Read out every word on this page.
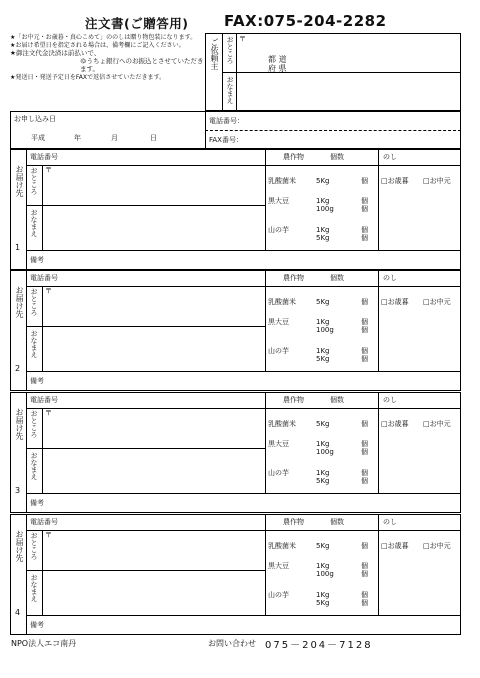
注文書(ご贈答用) FAX:075-204-2282
★「お中元・お歳暮・真心こめて」ののしは贈り物包装になります。
★お届け希望日を指定される場合は、備考欄にご記入ください。
★御注文代金決済は前払いで、
ゆうちょ銀行へのお振込とさせていただきます。
★発送日・発送予定日をFAXで返信させていただきます。
ご依頼主 おところ 〒
都 道
府 県
おなまえ
お申し込み日
平成	年	月	日
電話番号：
FAX番号：
お届け先
1
電話番号
おところ 〒
おなまえ
備考
農作物	個数	のし
□お歳暮 □お中元
乳酸菌米	5Kg	個
黒大豆	1Kg	個
100g	個
山の芋	1Kg	個
5Kg	個
お届け先
2
電話番号
おところ 〒
おなまえ
備考
農作物	個数	のし
□お歳暮 □お中元
乳酸菌米	5Kg	個
黒大豆	1Kg	個
100g	個
山の芋	1Kg	個
5Kg	個
お届け先
3
電話番号
おところ 〒
おなまえ
備考
農作物	個数	のし
□お歳暮 □お中元
乳酸菌米	5Kg	個
黒大豆	1Kg	個
100g	個
山の芋	1Kg	個
5Kg	個
お届け先
4
電話番号
おところ 〒
おなまえ
備考
農作物	個数	のし
□お歳暮 □お中元
乳酸菌米	5Kg	個
黒大豆	1Kg	個
100g	個
山の芋	1Kg	個
5Kg	個
NPO法人エコ南丹	お問い合わせ 075－204－7128
